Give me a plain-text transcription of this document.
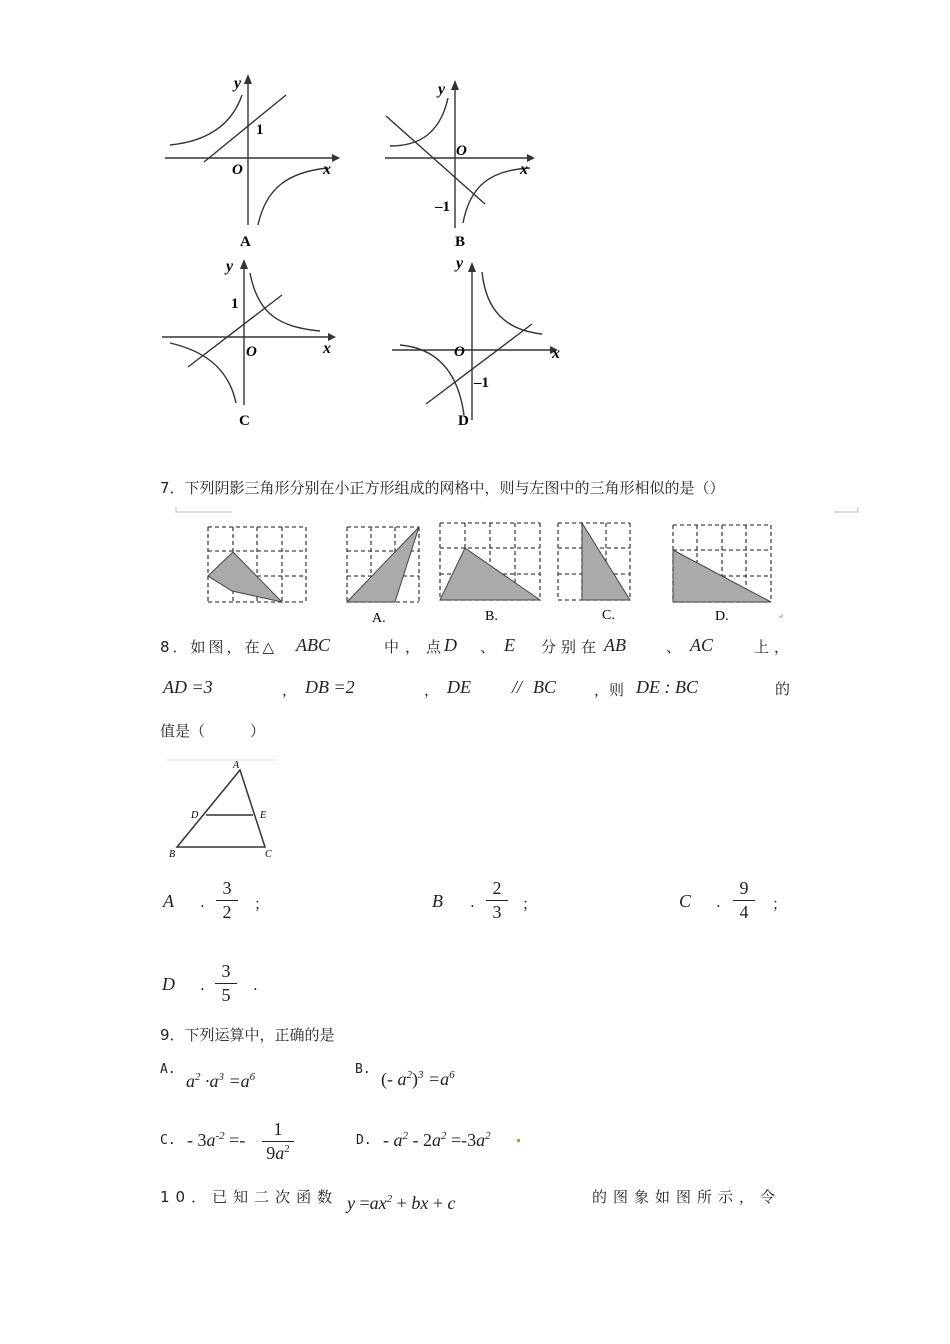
y
x
O
1
A
y
x
O
–1
B
y
x
O
1
C
y
x
O
–1
D
7．下列阴影三角形分别在小正方形组成的网格中，则与左图中的三角形相似的是（）
A.	B.	C.	D.
8．如图，在△ ABC	中，点
D 、 E 分别在 AB	、 AC	上，
AD =3	， DB =2	， DE // BC	，则 DE : BC	的
值是（　　　）
A
D	E
B	C
A .
3
2	；	B .
2
3	；	C .
9
4	；
D .
3
5	.
9．下列运算中，正确的是
A.
$a^2 \cdot a^3 =a^6$	B. (- $a^2)^3 =a^6$
C. - $3a^{-2}$ =-
1
$9a^2$
D. - $a^2 - 2a^2 =-3a^2$
10．已知二次函数 $y =ax^2$ + bx + c	的图象如图所示，令
